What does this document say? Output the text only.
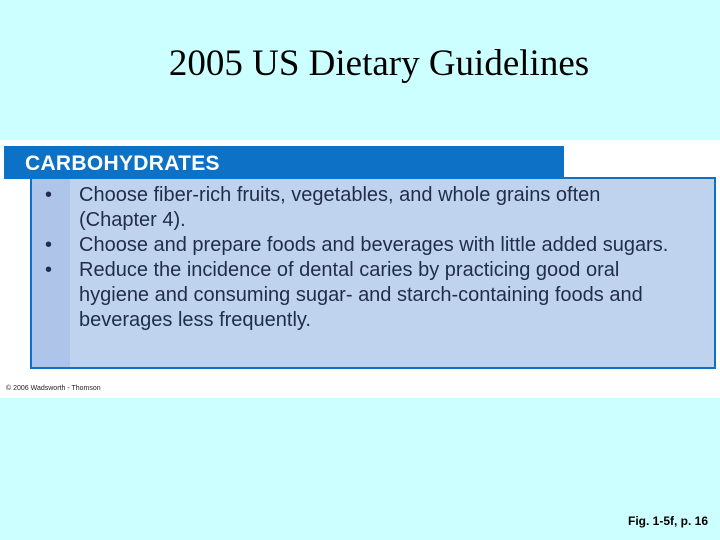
2005 US Dietary Guidelines
CARBOHYDRATES
• Choose fiber-rich fruits, vegetables, and whole grains often (Chapter 4).
• Choose and prepare foods and beverages with little added sugars.
• Reduce the incidence of dental caries by practicing good oral hygiene and consuming sugar- and starch-containing foods and beverages less frequently.
© 2006 Wadsworth - Thomson
Fig. 1-5f, p. 16
